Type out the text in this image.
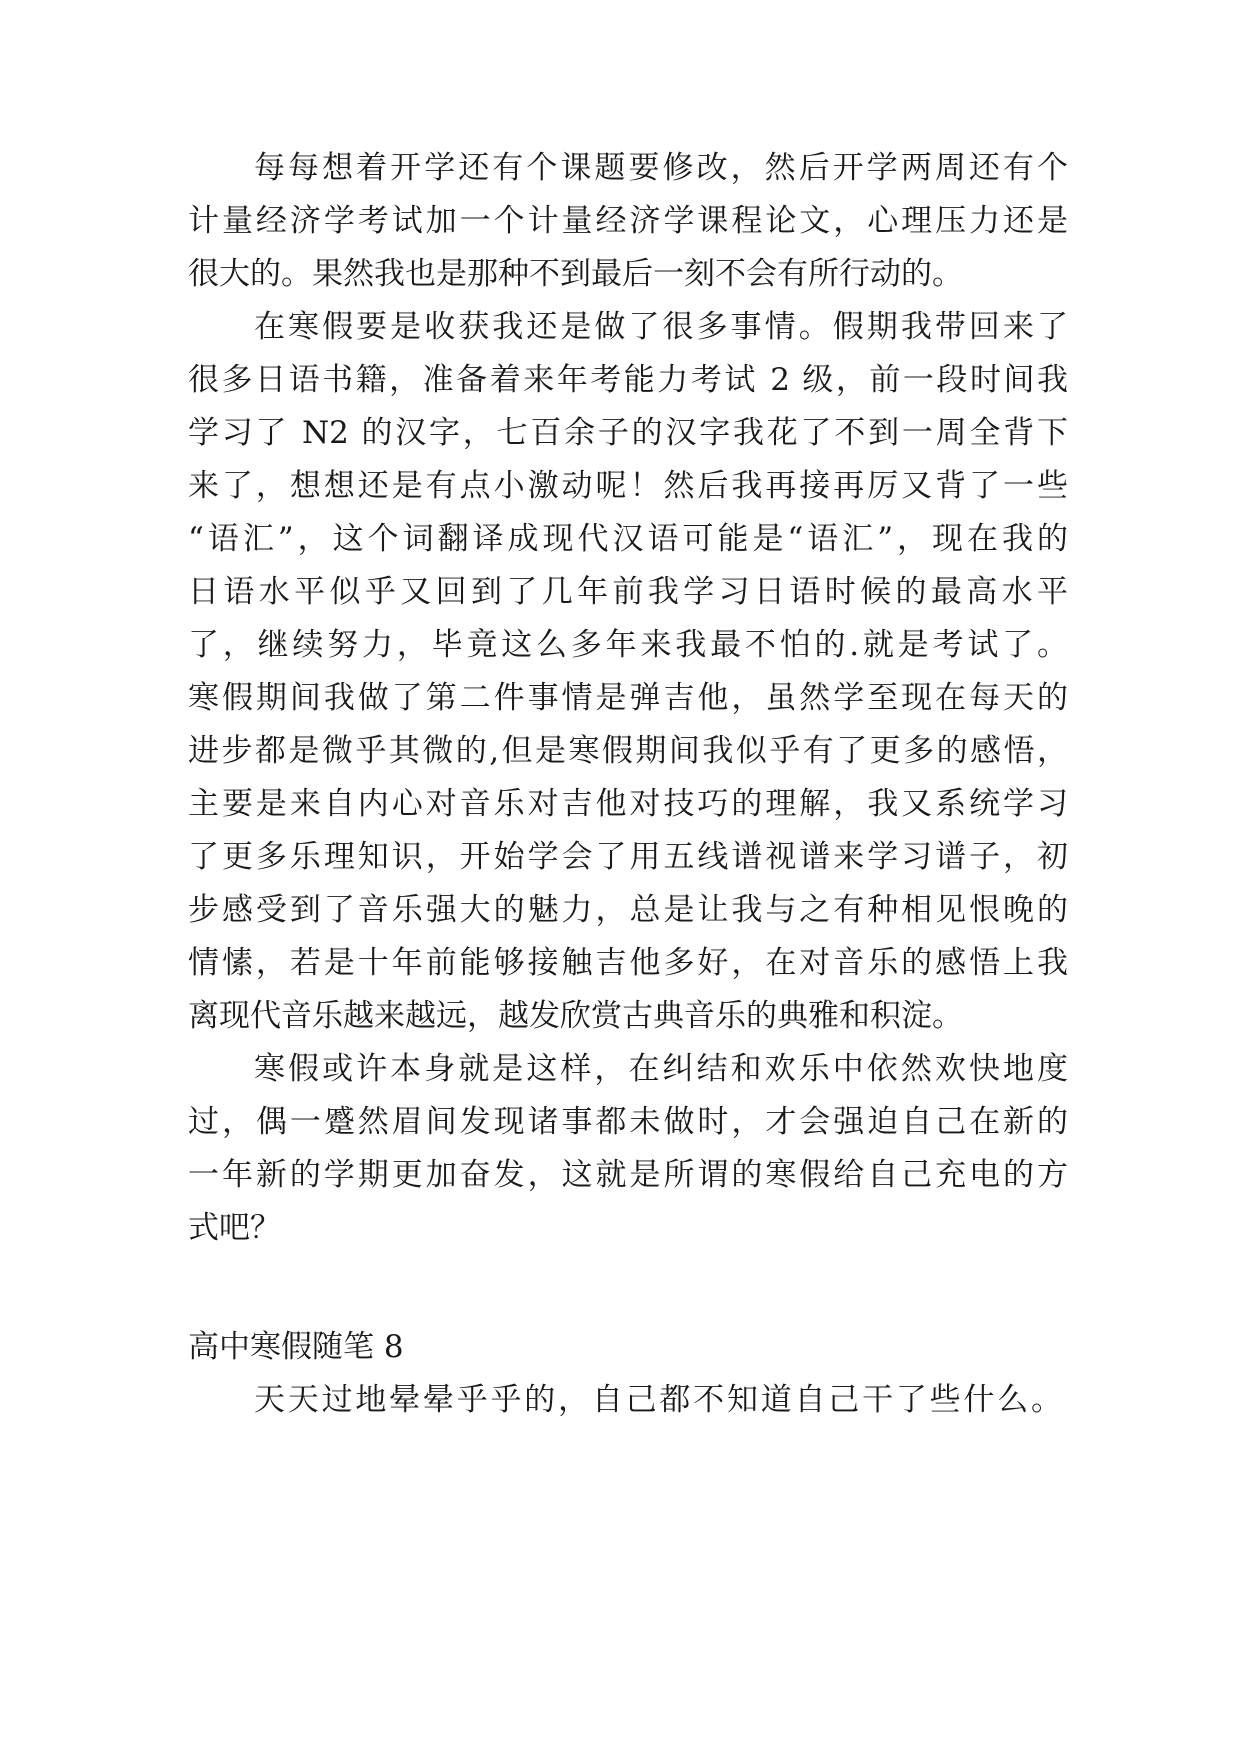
每每想着开学还有个课题要修改，然后开学两周还有个
计量经济学考试加一个计量经济学课程论文，心理压力还是
很大的。果然我也是那种不到最后一刻不会有所行动的。
在寒假要是收获我还是做了很多事情。假期我带回来了
很多日语书籍，准备着来年考能力考试 2 级，前一段时间我
学习了 N2 的汉字，七百余子的汉字我花了不到一周全背下
来了，想想还是有点小激动呢！然后我再接再厉又背了一些
“语汇”，这个词翻译成现代汉语可能是“语汇”，现在我的
日语水平似乎又回到了几年前我学习日语时候的最高水平
了，继续努力，毕竟这么多年来我最不怕的.就是考试了。
寒假期间我做了第二件事情是弹吉他，虽然学至现在每天的
进步都是微乎其微的,但是寒假期间我似乎有了更多的感悟，
主要是来自内心对音乐对吉他对技巧的理解，我又系统学习
了更多乐理知识，开始学会了用五线谱视谱来学习谱子，初
步感受到了音乐强大的魅力，总是让我与之有种相见恨晚的
情愫，若是十年前能够接触吉他多好，在对音乐的感悟上我
离现代音乐越来越远，越发欣赏古典音乐的典雅和积淀。
寒假或许本身就是这样，在纠结和欢乐中依然欢快地度
过，偶一蹙然眉间发现诸事都未做时，才会强迫自己在新的
一年新的学期更加奋发，这就是所谓的寒假给自己充电的方
式吧？
高中寒假随笔 8
天天过地晕晕乎乎的，自己都不知道自己干了些什么。
